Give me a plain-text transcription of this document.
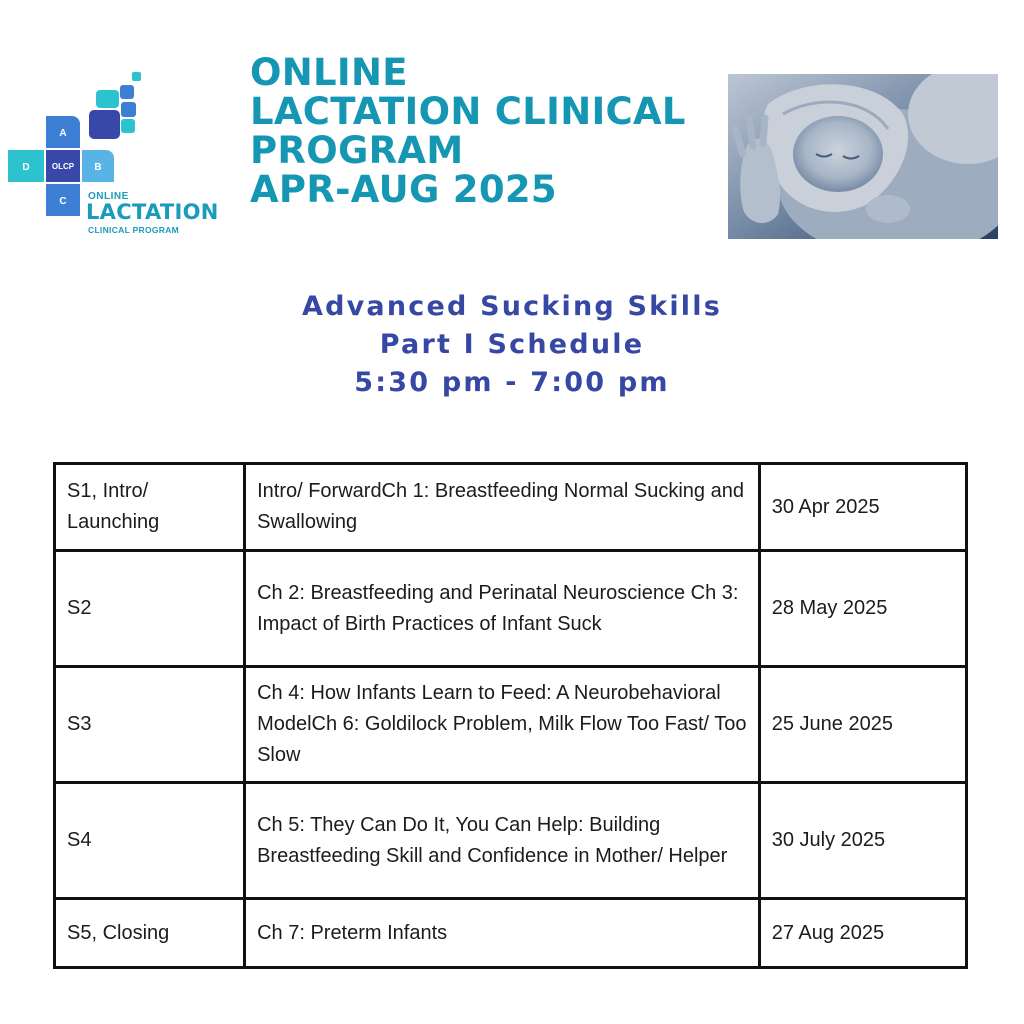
A
D	OLCP B
C ONLINE
LACTATION
CLINICAL PROGRAM
ONLINE
LACTATION CLINICAL
PROGRAM
APR-AUG 2025
Advanced Sucking Skills
Part I Schedule
5:30 pm - 7:00 pm
S1, Intro/ Launching	Intro/ ForwardCh 1: Breastfeeding Normal Sucking and Swallowing	30 Apr 2025
S2	Ch 2: Breastfeeding and Perinatal Neuroscience Ch 3: Impact of Birth Practices of Infant Suck	28 May 2025
S3	Ch 4: How Infants Learn to Feed: A Neurobehavioral ModelCh 6: Goldilock Problem, Milk Flow Too Fast/ Too Slow	25 June 2025
S4	Ch 5: They Can Do It, You Can Help: Building Breastfeeding Skill and Confidence in Mother/ Helper	30 July 2025
S5, Closing	Ch 7: Preterm Infants	27 Aug 2025
